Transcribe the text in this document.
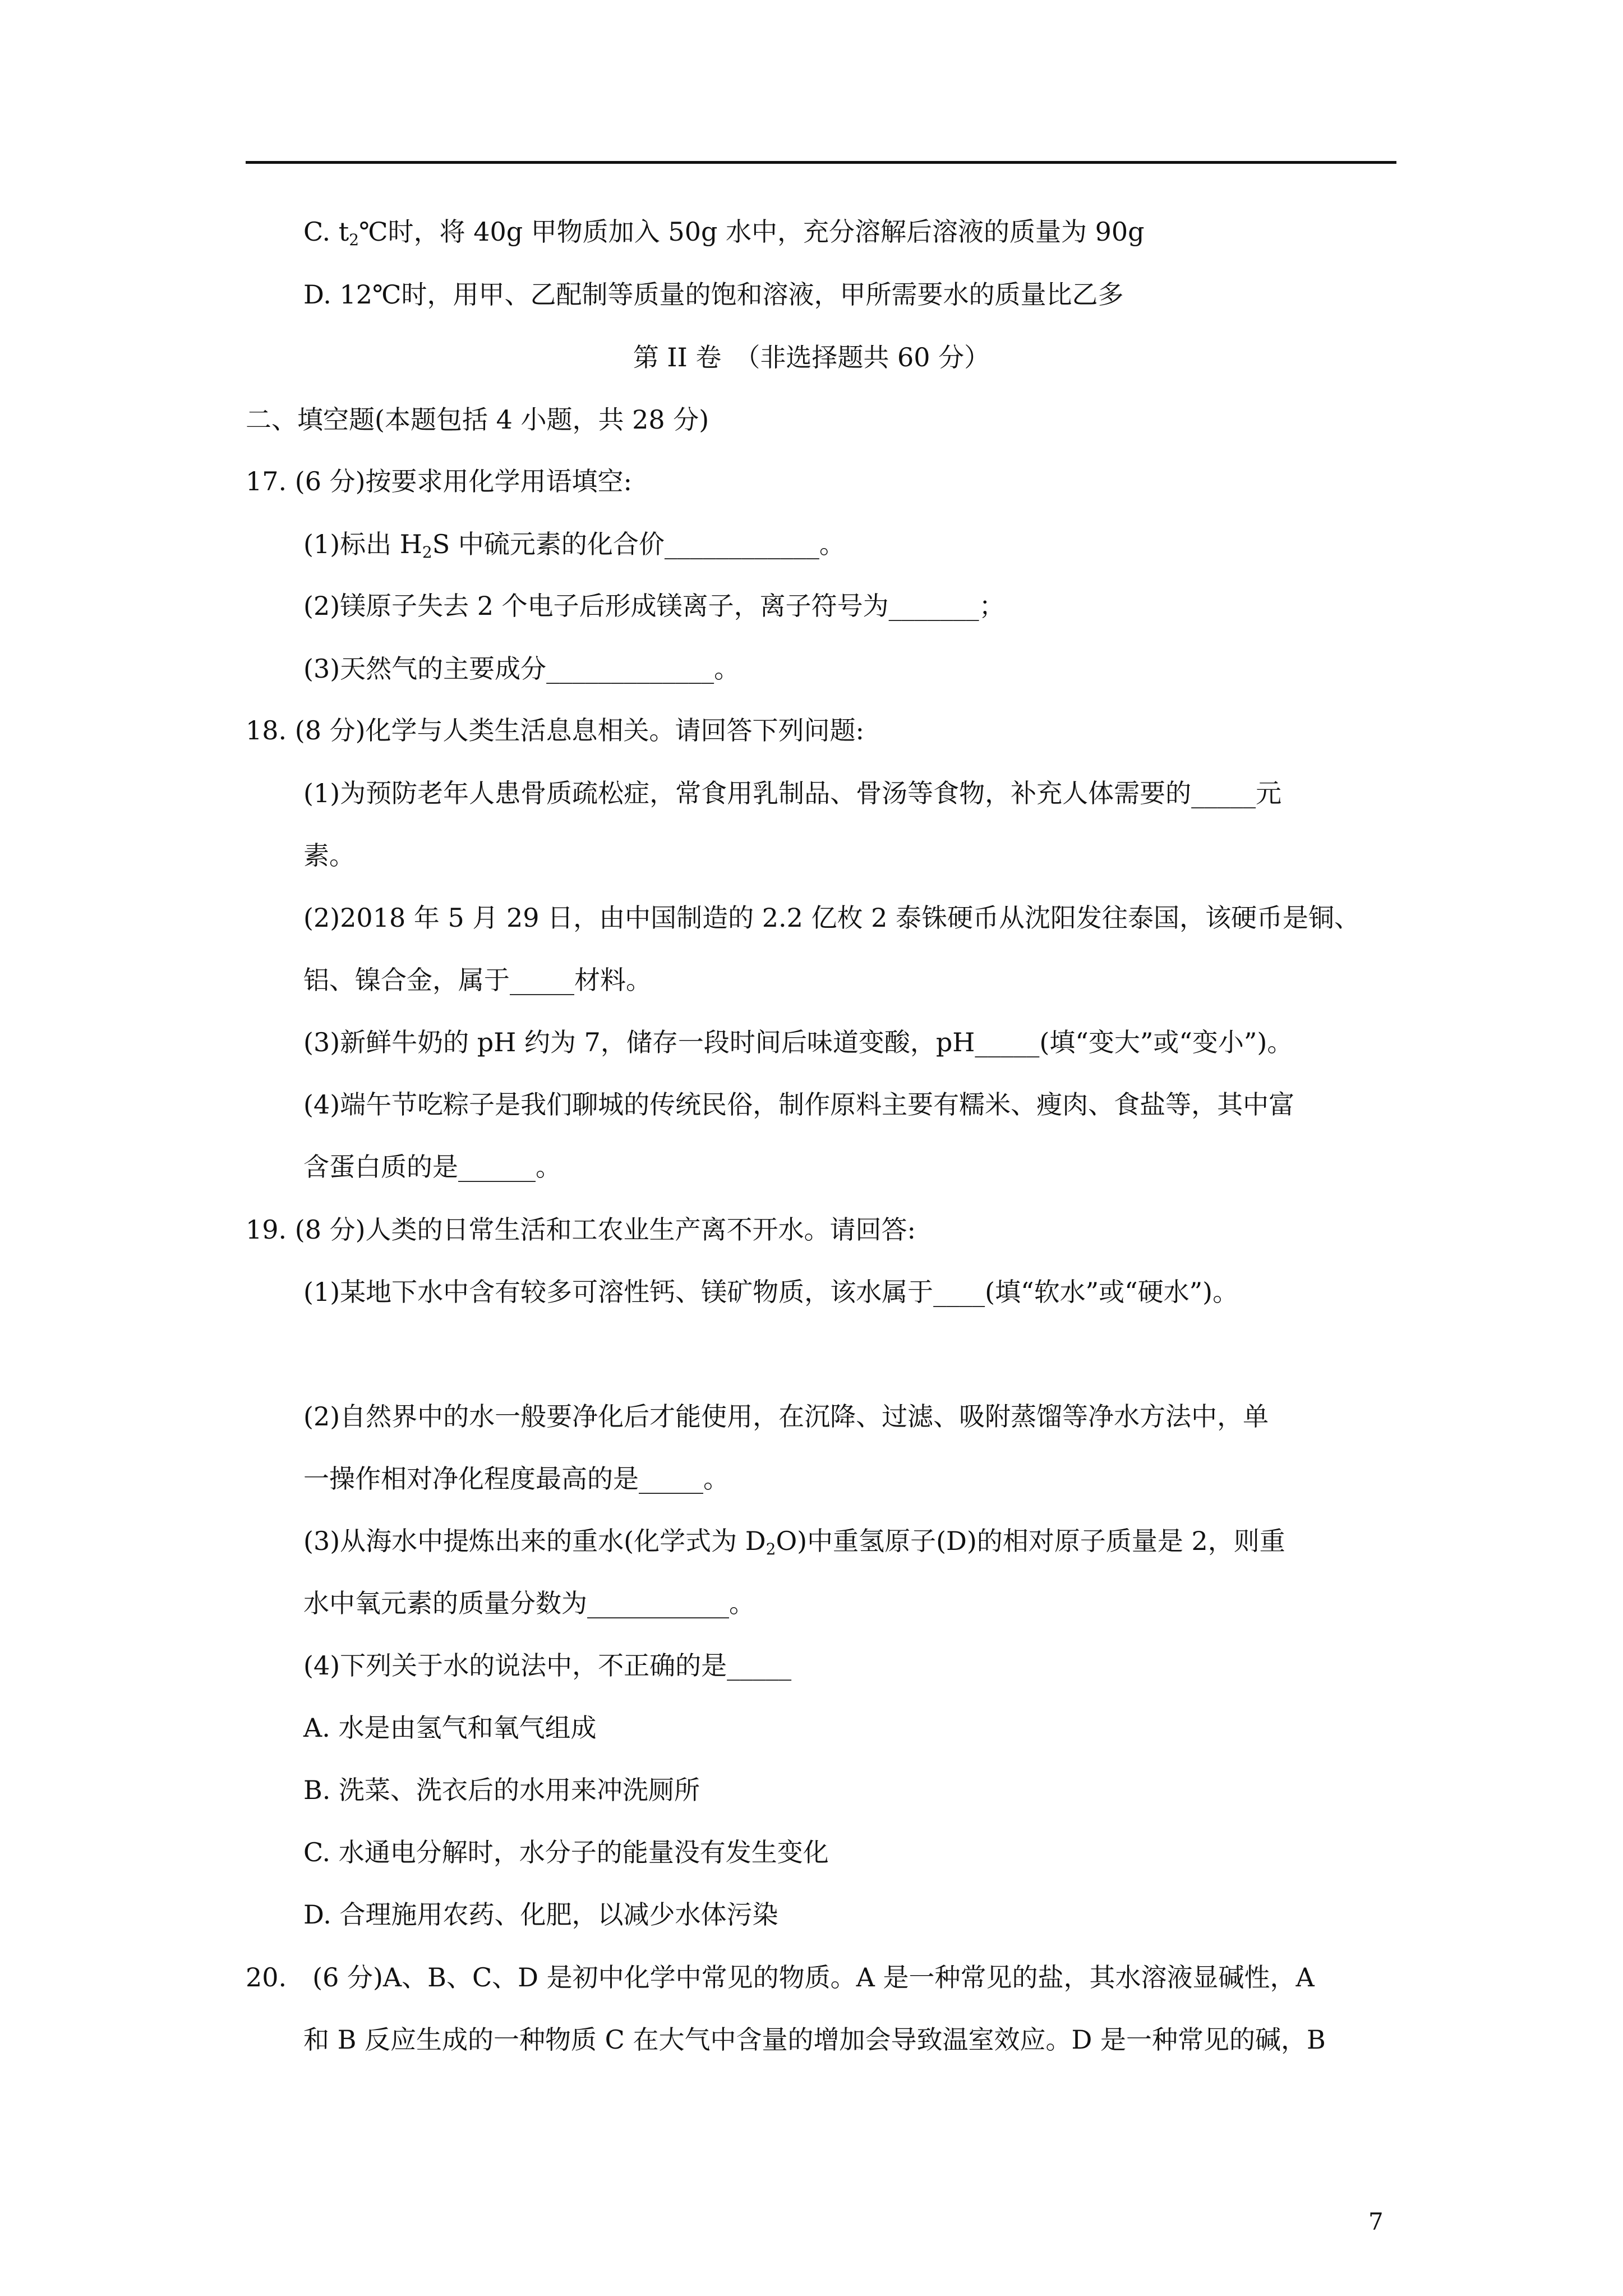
C. $t_2℃$时，将 40g 甲物质加入 50g 水中，充分溶解后溶液的质量为 90g
D. 12℃时，用甲、乙配制等质量的饱和溶液，甲所需要水的质量比乙多
第 II 卷　（非选择题共 60 分）
二、填空题(本题包括 4 小题，共 28 分)
17. (6 分)按要求用化学用语填空:
(1)标出 $H_2S$ 中硫元素的化合价____________。
(2)镁原子失去 2 个电子后形成镁离子，离子符号为_______；
(3)天然气的主要成分_____________。
18. (8 分)化学与人类生活息息相关。请回答下列问题:
(1)为预防老年人患骨质疏松症，常食用乳制品、骨汤等食物，补充人体需要的_____元
素。
(2)2018 年 5 月 29 日，由中国制造的 2.2 亿枚 2 泰铢硬币从沈阳发往泰国，该硬币是铜、
铝、镍合金，属于_____材料。
(3)新鲜牛奶的 pH 约为 7，储存一段时间后味道变酸，pH_____(填“变大”或“变小”)。
(4)端午节吃粽子是我们聊城的传统民俗，制作原料主要有糯米、瘦肉、食盐等，其中富
含蛋白质的是______。
19. (8 分)人类的日常生活和工农业生产离不开水。请回答:
(1)某地下水中含有较多可溶性钙、镁矿物质，该水属于____(填“软水”或“硬水”)。
(2)自然界中的水一般要净化后才能使用，在沉降、过滤、吸附蒸馏等净水方法中，单
一操作相对净化程度最高的是_____。
(3)从海水中提炼出来的重水(化学式为 $D_2O$)中重氢原子(D)的相对原子质量是 2，则重
水中氧元素的质量分数为___________。
(4)下列关于水的说法中，不正确的是_____
A. 水是由氢气和氧气组成
B. 洗菜、洗衣后的水用来冲洗厕所
C. 水通电分解时，水分子的能量没有发生变化
D. 合理施用农药、化肥，以减少水体污染
20.　(6 分)A、B、C、D 是初中化学中常见的物质。A 是一种常见的盐，其水溶液显碱性，A
和 B 反应生成的一种物质 C 在大气中含量的增加会导致温室效应。D 是一种常见的碱，B
7
